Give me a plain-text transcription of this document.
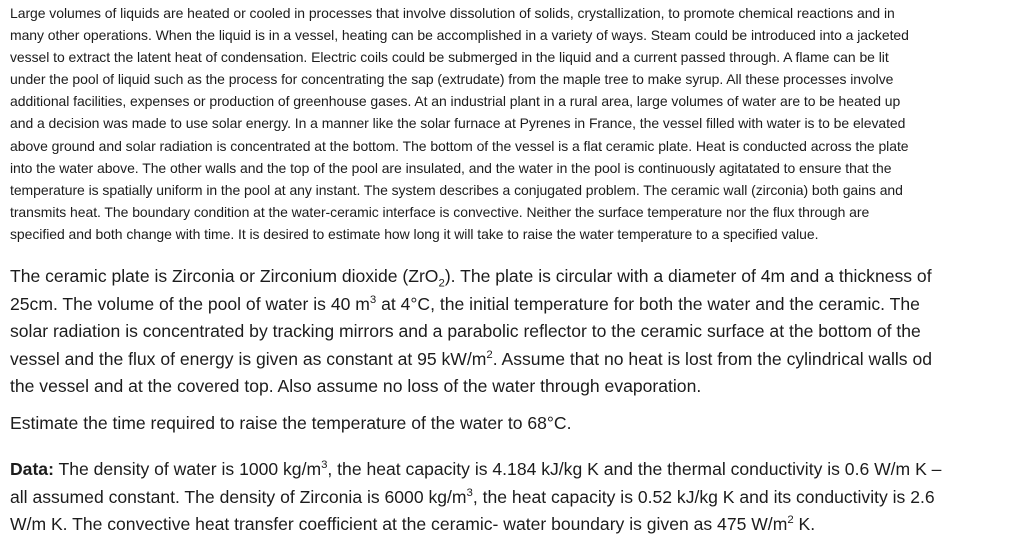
Large volumes of liquids are heated or cooled in processes that involve dissolution of solids, crystallization, to promote chemical reactions and in
many other operations. When the liquid is in a vessel, heating can be accomplished in a variety of ways. Steam could be introduced into a jacketed
vessel to extract the latent heat of condensation. Electric coils could be submerged in the liquid and a current passed through. A flame can be lit
under the pool of liquid such as the process for concentrating the sap (extrudate) from the maple tree to make syrup. All these processes involve
additional facilities, expenses or production of greenhouse gases. At an industrial plant in a rural area, large volumes of water are to be heated up
and a decision was made to use solar energy. In a manner like the solar furnace at Pyrenes in France, the vessel filled with water is to be elevated
above ground and solar radiation is concentrated at the bottom. The bottom of the vessel is a flat ceramic plate. Heat is conducted across the plate
into the water above. The other walls and the top of the pool are insulated, and the water in the pool is continuously agitatated to ensure that the
temperature is spatially uniform in the pool at any instant. The system describes a conjugated problem. The ceramic wall (zirconia) both gains and
transmits heat. The boundary condition at the water-ceramic interface is convective. Neither the surface temperature nor the flux through are
specified and both change with time. It is desired to estimate how long it will take to raise the water temperature to a specified value.

The ceramic plate is Zirconia or Zirconium dioxide (ZrO$_2$). The plate is circular with a diameter of 4m and a thickness of
25cm. The volume of the pool of water is 40 $m^3$ at 4°C, the initial temperature for both the water and the ceramic. The
solar radiation is concentrated by tracking mirrors and a parabolic reflector to the ceramic surface at the bottom of the
vessel and the flux of energy is given as constant at 95 $kW/m^2$. Assume that no heat is lost from the cylindrical walls od
the vessel and at the covered top. Also assume no loss of the water through evaporation.

Estimate the time required to raise the temperature of the water to 68°C.

Data: The density of water is 1000 $kg/m^3$, the heat capacity is 4.184 kJ/kg K and the thermal conductivity is 0.6 W/m K –
all assumed constant. The density of Zirconia is 6000 $kg/m^3$, the heat capacity is 0.52 kJ/kg K and its conductivity is 2.6
W/m K. The convective heat transfer coefficient at the ceramic- water boundary is given as 475 $W/m^2$ K.
